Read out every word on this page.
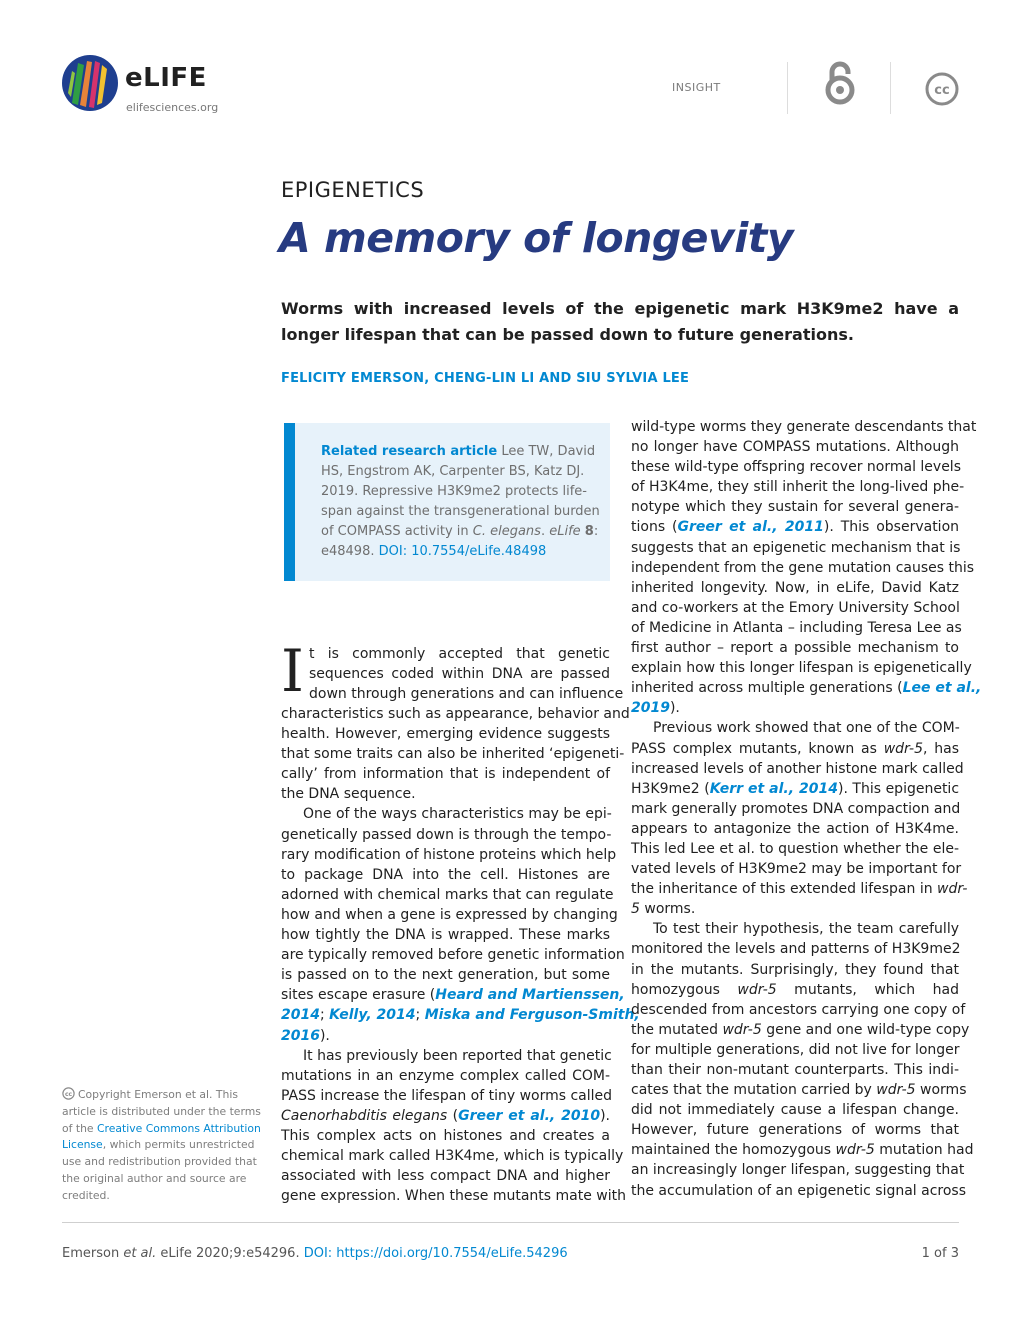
eLIFE
elifesciences.org
INSIGHT	cc
EPIGENETICS
A memory of longevity
Worms with increased levels of the epigenetic mark H3K9me2 have a longer lifespan that can be passed down to future generations.
FELICITY EMERSON, CHENG-LIN LI AND SIU SYLVIA LEE
Related research article Lee TW, David HS, Engstrom AK, Carpenter BS, Katz DJ. 2019. Repressive H3K9me2 protects life-span against the transgenerational burden of COMPASS activity in C. elegans. eLife 8: e48498. DOI: 10.7554/eLife.48498
I t is commonly accepted that genetic
sequences coded within DNA are passed
down through generations and can influence
characteristics such as appearance, behavior and
health. However, emerging evidence suggests
that some traits can also be inherited ‘epigeneti-
cally’ from information that is independent of
the DNA sequence.
One of the ways characteristics may be epi-
genetically passed down is through the tempo-
rary modification of histone proteins which help
to package DNA into the cell. Histones are
adorned with chemical marks that can regulate
how and when a gene is expressed by changing
how tightly the DNA is wrapped. These marks
are typically removed before genetic information
is passed on to the next generation, but some
sites escape erasure (Heard and Martienssen,
2014; Kelly, 2014; Miska and Ferguson-Smith,
2016).
It has previously been reported that genetic
mutations in an enzyme complex called COM-
PASS increase the lifespan of tiny worms called
Caenorhabditis elegans (Greer et al., 2010).
This complex acts on histones and creates a
chemical mark called H3K4me, which is typically
associated with less compact DNA and higher
gene expression. When these mutants mate with
wild-type worms they generate descendants that
no longer have COMPASS mutations. Although
these wild-type offspring recover normal levels
of H3K4me, they still inherit the long-lived phe-
notype which they sustain for several genera-
tions (Greer et al., 2011). This observation
suggests that an epigenetic mechanism that is
independent from the gene mutation causes this
inherited longevity. Now, in eLife, David Katz
and co-workers at the Emory University School
of Medicine in Atlanta – including Teresa Lee as
first author – report a possible mechanism to
explain how this longer lifespan is epigenetically
inherited across multiple generations (Lee et al.,
2019).
Previous work showed that one of the COM-
PASS complex mutants, known as wdr-5, has
increased levels of another histone mark called
H3K9me2 (Kerr et al., 2014). This epigenetic
mark generally promotes DNA compaction and
appears to antagonize the action of H3K4me.
This led Lee et al. to question whether the ele-
vated levels of H3K9me2 may be important for
the inheritance of this extended lifespan in wdr-
5 worms.
To test their hypothesis, the team carefully
monitored the levels and patterns of H3K9me2
in the mutants. Surprisingly, they found that
homozygous wdr-5 mutants, which had
descended from ancestors carrying one copy of
the mutated wdr-5 gene and one wild-type copy
for multiple generations, did not live for longer
than their non-mutant counterparts. This indi-
cates that the mutation carried by wdr-5 worms
did not immediately cause a lifespan change.
However, future generations of worms that
maintained the homozygous wdr-5 mutation had
an increasingly longer lifespan, suggesting that
the accumulation of an epigenetic signal across
cc Copyright Emerson et al. This article is distributed under the terms of the Creative Commons Attribution License, which permits unrestricted use and redistribution provided that the original author and source are credited.
Emerson et al. eLife 2020;9:e54296. DOI: https://doi.org/10.7554/eLife.54296	1 of 3
